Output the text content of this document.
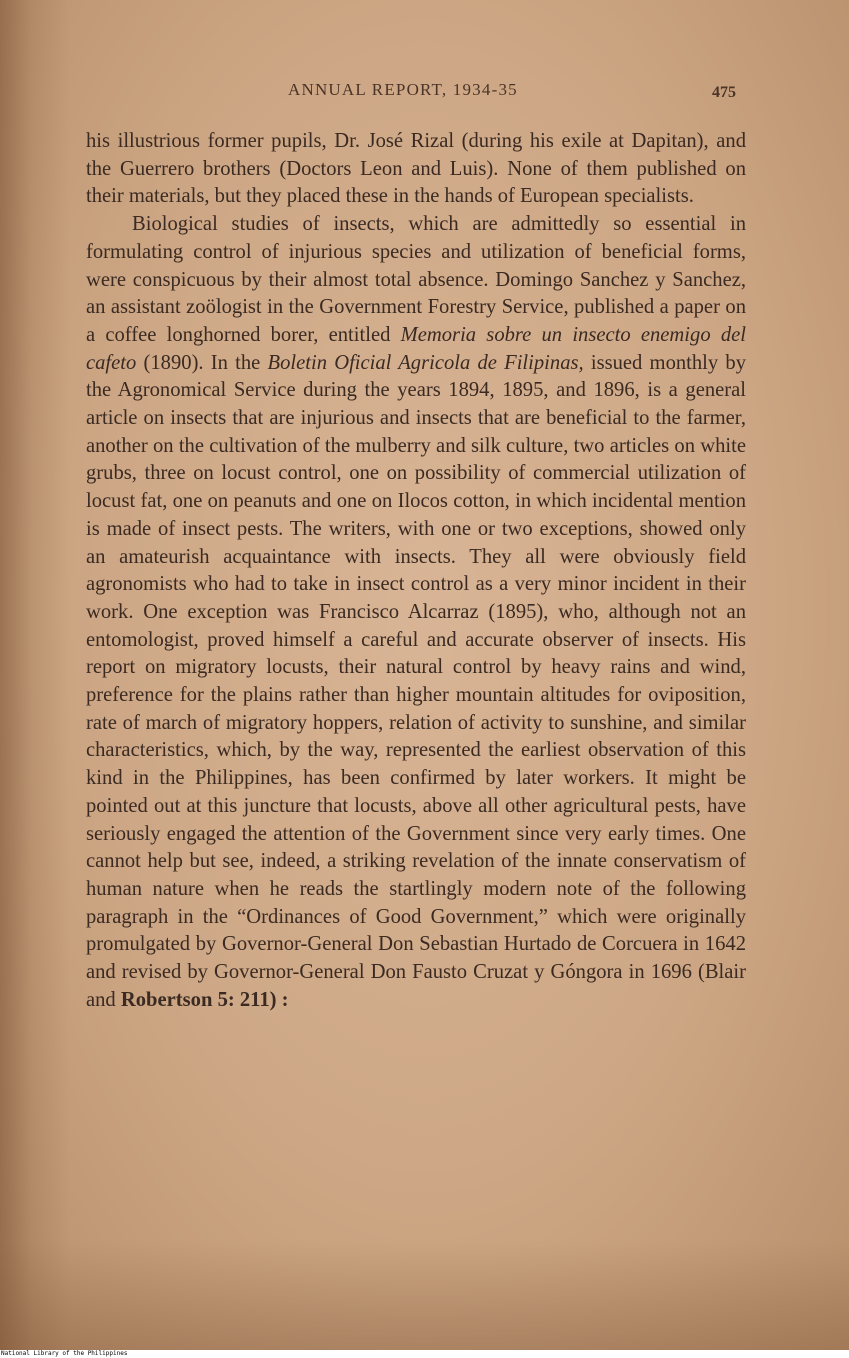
ANNUAL REPORT, 1934-35	475

his illustrious former pupils, Dr. José Rizal (during his exile at Dapitan), and the Guerrero brothers (Doctors Leon and Luis). None of them published on their materials, but they placed these in the hands of European specialists.

Biological studies of insects, which are admittedly so essential in formulating control of injurious species and utilization of beneficial forms, were conspicuous by their almost total absence. Domingo Sanchez y Sanchez, an assistant zoölogist in the Government Forestry Service, published a paper on a coffee longhorned borer, entitled Memoria sobre un insecto enemigo del cafeto (1890). In the Boletin Oficial Agricola de Filipinas, issued monthly by the Agronomical Service during the years 1894, 1895, and 1896, is a general article on insects that are injurious and insects that are beneficial to the farmer, another on the cultivation of the mulberry and silk culture, two articles on white grubs, three on locust control, one on possibility of commercial utilization of locust fat, one on peanuts and one on Ilocos cotton, in which incidental mention is made of insect pests. The writers, with one or two exceptions, showed only an amateurish acquaintance with insects. They all were obviously field agronomists who had to take in insect control as a very minor incident in their work. One exception was Francisco Alcarraz (1895), who, although not an entomologist, proved himself a careful and accurate observer of insects. His report on migratory locusts, their natural control by heavy rains and wind, preference for the plains rather than higher mountain altitudes for oviposition, rate of march of migratory hoppers, relation of activity to sunshine, and similar characteristics, which, by the way, represented the earliest observation of this kind in the Philippines, has been confirmed by later workers. It might be pointed out at this juncture that locusts, above all other agricultural pests, have seriously engaged the attention of the Government since very early times. One cannot help but see, indeed, a striking revelation of the innate conservatism of human nature when he reads the startlingly modern note of the following paragraph in the “Ordinances of Good Government,” which were originally promulgated by Governor-General Don Sebastian Hurtado de Corcuera in 1642 and revised by Governor-General Don Fausto Cruzat y Góngora in 1696 (Blair and Robertson 5: 211) :

National Library of the Philippines
